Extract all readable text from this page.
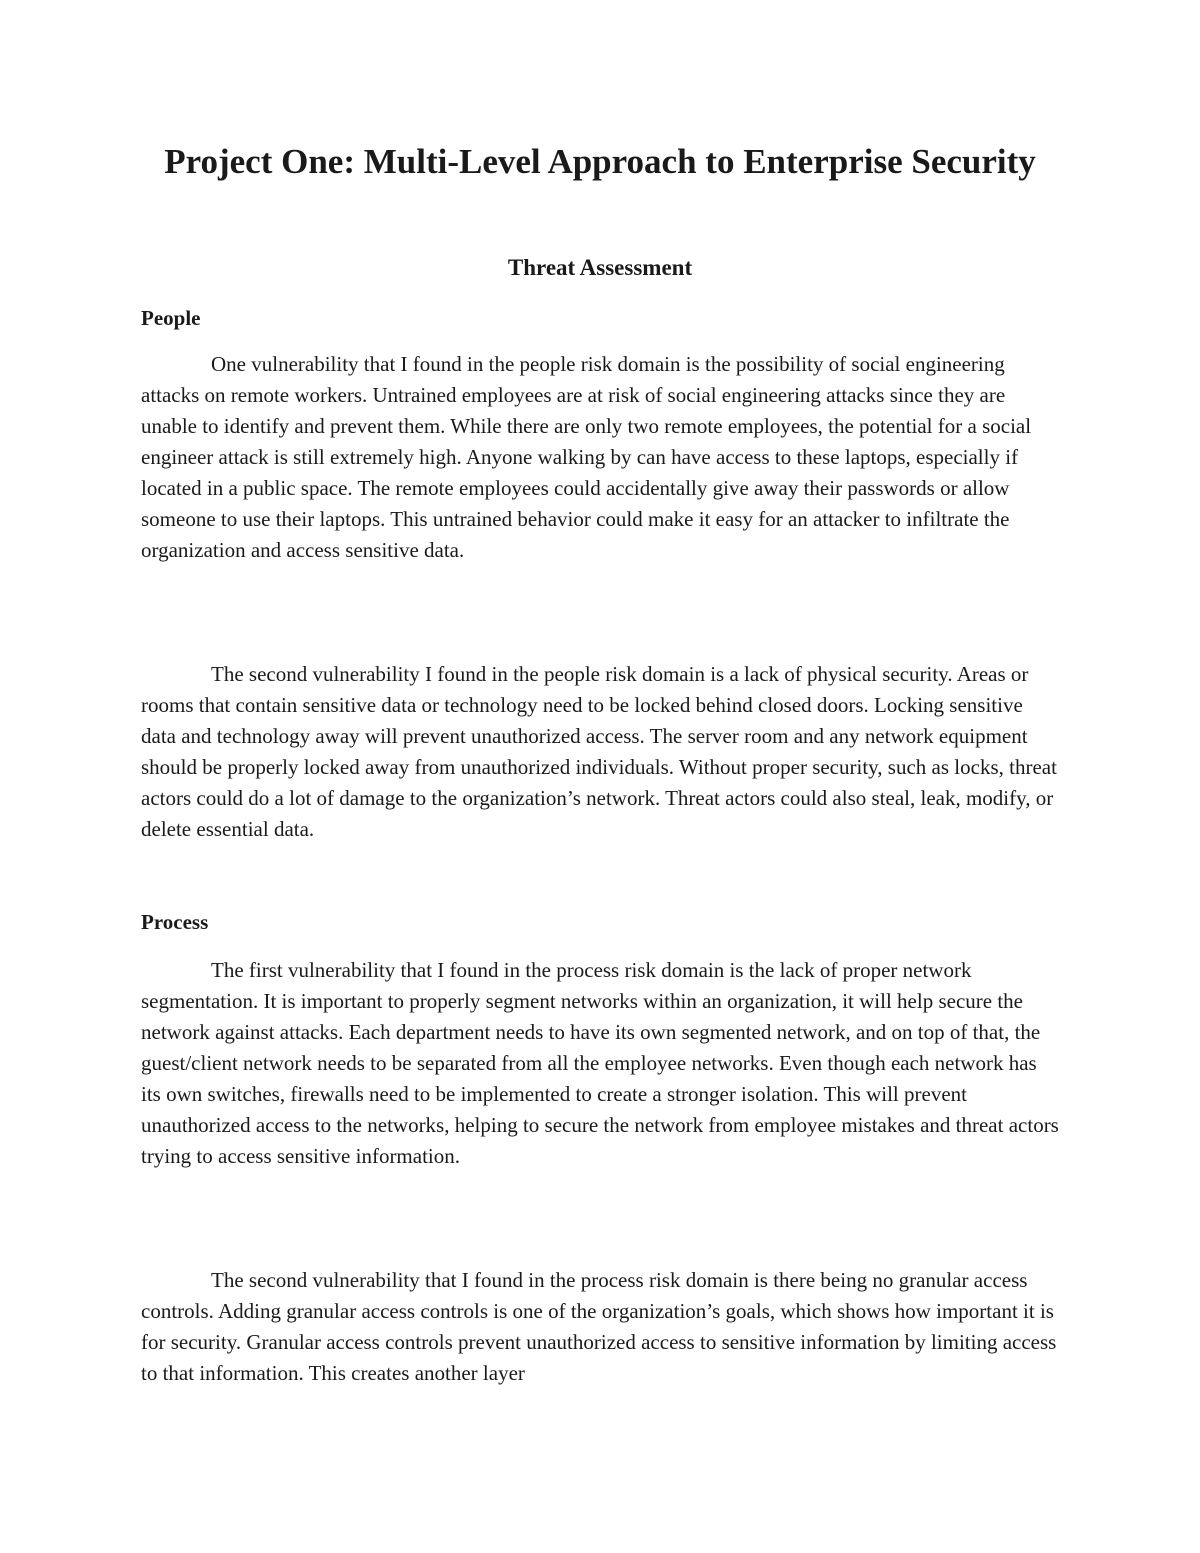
Project One: Multi-Level Approach to Enterprise Security
Threat Assessment
People

One vulnerability that I found in the people risk domain is the possibility of social engineering attacks on remote workers. Untrained employees are at risk of social engineering attacks since they are unable to identify and prevent them. While there are only two remote employees, the potential for a social engineer attack is still extremely high. Anyone walking by can have access to these laptops, especially if located in a public space. The remote employees could accidentally give away their passwords or allow someone to use their laptops. This untrained behavior could make it easy for an attacker to infiltrate the organization and access sensitive data.

The second vulnerability I found in the people risk domain is a lack of physical security. Areas or rooms that contain sensitive data or technology need to be locked behind closed doors. Locking sensitive data and technology away will prevent unauthorized access. The server room and any network equipment should be properly locked away from unauthorized individuals. Without proper security, such as locks, threat actors could do a lot of damage to the organization’s network. Threat actors could also steal, leak, modify, or delete essential data.

Process

The first vulnerability that I found in the process risk domain is the lack of proper network segmentation. It is important to properly segment networks within an organization, it will help secure the network against attacks. Each department needs to have its own segmented network, and on top of that, the guest/client network needs to be separated from all the employee networks. Even though each network has its own switches, firewalls need to be implemented to create a stronger isolation. This will prevent unauthorized access to the networks, helping to secure the network from employee mistakes and threat actors trying to access sensitive information.

The second vulnerability that I found in the process risk domain is there being no granular access controls. Adding granular access controls is one of the organization’s goals, which shows how important it is for security. Granular access controls prevent unauthorized access to sensitive information by limiting access to that information. This creates another layer
